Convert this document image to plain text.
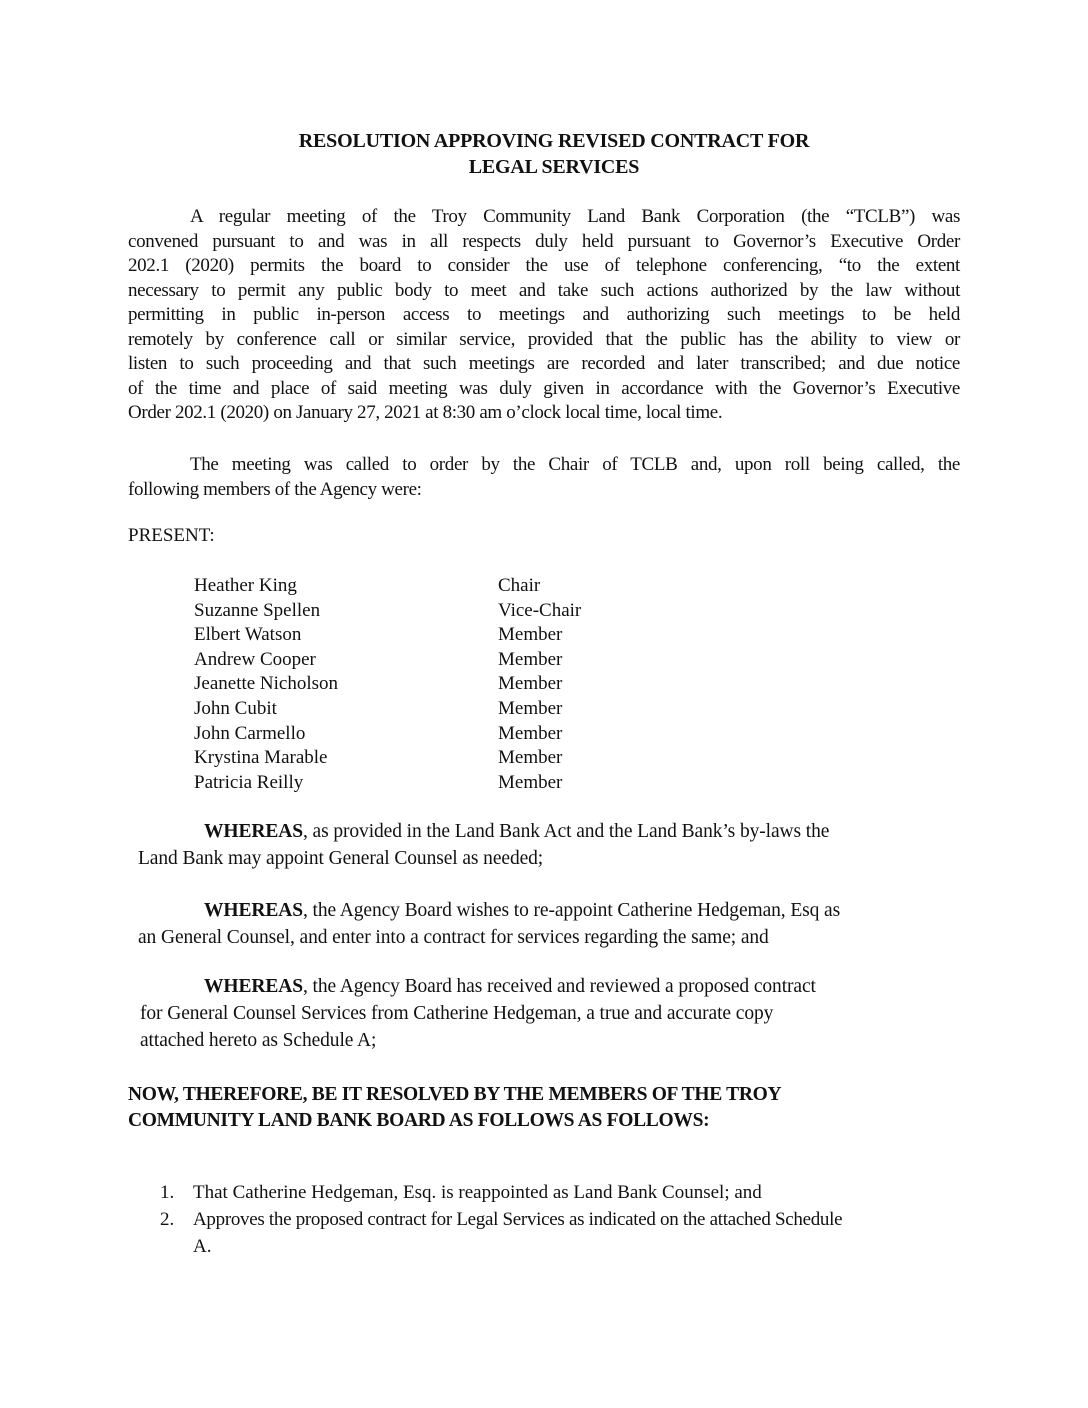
RESOLUTION APPROVING REVISED CONTRACT FOR
LEGAL SERVICES
A regular meeting of the Troy Community Land Bank Corporation (the “TCLB”) was
convened pursuant to and was in all respects duly held pursuant to Governor’s Executive Order
202.1 (2020) permits the board to consider the use of telephone conferencing, “to the extent
necessary to permit any public body to meet and take such actions authorized by the law without
permitting in public in-person access to meetings and authorizing such meetings to be held
remotely by conference call or similar service, provided that the public has the ability to view or
listen to such proceeding and that such meetings are recorded and later transcribed; and due notice
of the time and place of said meeting was duly given in accordance with the Governor’s Executive
Order 202.1 (2020) on January 27, 2021 at 8:30 am o’clock local time, local time.
The meeting was called to order by the Chair of TCLB and, upon roll being called, the
following members of the Agency were:
PRESENT:
Heather King	Chair
Suzanne Spellen	Vice-Chair
Elbert Watson	Member
Andrew Cooper	Member
Jeanette Nicholson	Member
John Cubit	Member
John Carmello	Member
Krystina Marable	Member
Patricia Reilly	Member
WHEREAS, as provided in the Land Bank Act and the Land Bank’s by-laws the
Land Bank may appoint General Counsel as needed;
WHEREAS, the Agency Board wishes to re-appoint Catherine Hedgeman, Esq as
an General Counsel, and enter into a contract for services regarding the same; and
WHEREAS, the Agency Board has received and reviewed a proposed contract
for General Counsel Services from Catherine Hedgeman, a true and accurate copy
attached hereto as Schedule A;
NOW, THEREFORE, BE IT RESOLVED BY THE MEMBERS OF THE TROY
COMMUNITY LAND BANK BOARD AS FOLLOWS AS FOLLOWS:
1. That Catherine Hedgeman, Esq. is reappointed as Land Bank Counsel; and
2. Approves the proposed contract for Legal Services as indicated on the attached Schedule
A.
